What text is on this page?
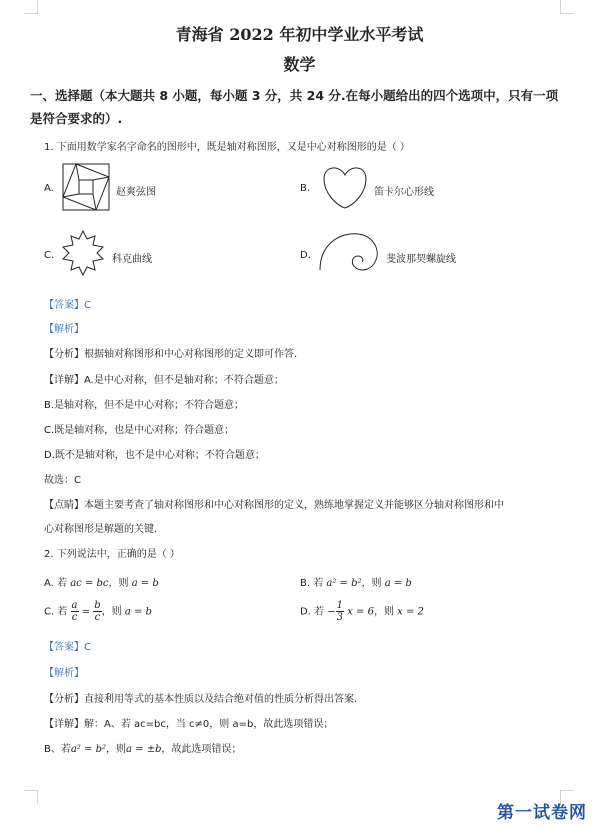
青海省 2022 年初中学业水平考试
数学
一、选择题（本大题共 8 小题，每小题 3 分，共 24 分.在每小题给出的四个选项中，只有一项是符合要求的）.
1. 下面用数学家名字命名的图形中，既是轴对称图形，又是中心对称图形的是（ ）
A.	赵爽弦图	B.	笛卡尔心形线
C.	科克曲线	D.	斐波那契螺旋线
【答案】C
【解析】
【分析】根据轴对称图形和中心对称图形的定义即可作答.
【详解】A.是中心对称，但不是轴对称；不符合题意；
B.是轴对称，但不是中心对称；不符合题意；
C.既是轴对称，也是中心对称；符合题意；
D.既不是轴对称，也不是中心对称；不符合题意；
故选：C
【点睛】本题主要考查了轴对称图形和中心对称图形的定义，熟练地掌握定义并能够区分轴对称图形和中
心对称图形是解题的关键.
2. 下列说法中，正确的是（ ）
A. 若 ac = bc，则 a = b	B. 若 a² = b²，则 a = b
C. 若 $\frac{a}{c} = \frac{b}{c}$ ，则 a = b	D. 若 − $\frac{1}{3}$ x = 6，则 x = 2
【答案】C
【解析】
【分析】直接利用等式的基本性质以及结合绝对值的性质分析得出答案.
【详解】解：A、若 ac=bc，当 c≠0，则 a=b，故此选项错误；
B、若a² = b²，则a = ±b，故此选项错误；
第一试卷网
